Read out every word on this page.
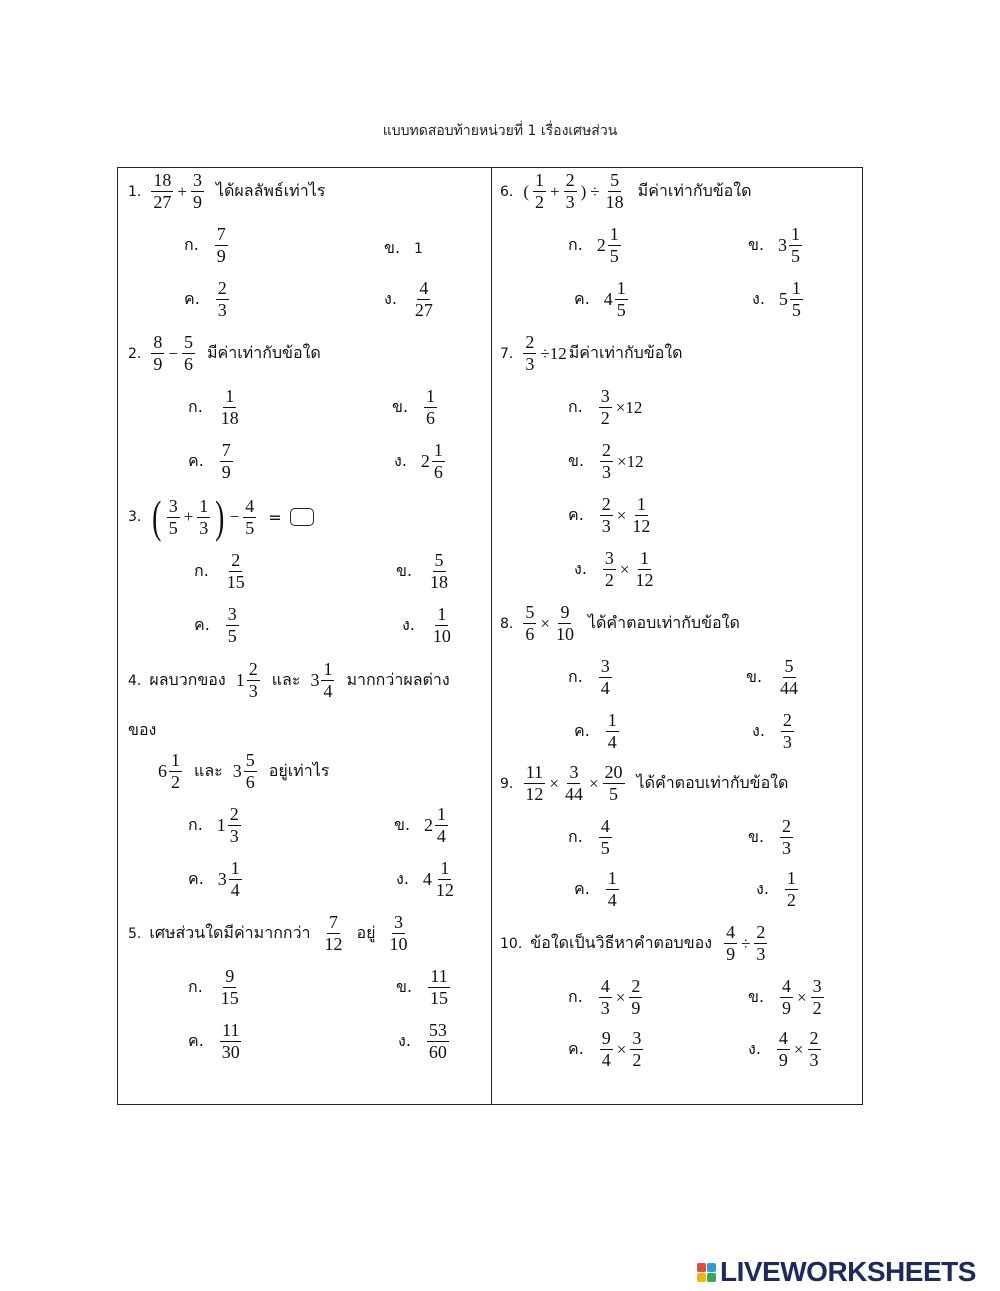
แบบทดสอบท้ายหน่วยที่ 1 เรื่องเศษส่วน
1.
18
27
+ $\frac{3}{9}$ ได้ผลลัพธ์เท่าไร
ก.
7
9	ข. 1
ค.
2
3
ง.
4
27
2.
8
9
− $\frac{5}{6}$ มีค่าเท่ากับข้อใด
ก.
1
18
ข.
1
6
ค.
7
9
ง. 2
1
6
3. ( 3
5
+ $\frac{1}{3}$ ) − $\frac{4}{5}$ =
ก.
2
15
ข.
5
18
ค.
3
5
ง.
1
10
4. ผลบวกของ 1
2
3
และ 3
1
4
มากกว่าผลต่าง
ของ
6
1
2
และ 3
5
6
อยู่เท่าไร
ก. 1
2
3
ข. 2
1
4
ค. 3
1
4
ง. 4
1
12
5. เศษส่วนใดมีค่ามากกว่า
7
12
อยู่
3
10
ก.
9
15
ข.
11
15
ค.
11
30
ง.
53
60
6. (
1
2
+ $\frac{2}{3}$ ) ÷ $\frac{5}{18}$ มีค่าเท่ากับข้อใด
ก. 2
1
5
ข. 3
1
5
ค. 4
1
5
ง. 5
1
5
7. $\frac{2}{3} \div 12$ มีค่าเท่ากับข้อใด
ก. $\frac{3}{2} \times 12$
ข. $\frac{2}{3} \times 12$
ค. $\frac{2}{3} \times \frac{1}{12}$
ง. $\frac{3}{2} \times \frac{1}{12}$
8. $\frac{5}{6} \times \frac{9}{10}$ ได้คำตอบเท่ากับข้อใด
ก.
3
4
ข.
5
44
ค.
1
4
ง.
2
3
9. $\frac{11}{12} \times \frac{3}{44} \times \frac{20}{5}$ ได้คำตอบเท่ากับข้อใด
ก.
4
5
ข.
2
3
ค.
1
4
ง.
1
2
10. ข้อใดเป็นวิธีหาคำตอบของ $\frac{4}{9} \div \frac{2}{3}$
ก. $\frac{4}{3} \times \frac{2}{9}$	ข. $\frac{4}{9} \times \frac{3}{2}$
ค. $\frac{9}{4} \times \frac{3}{2}$	ง. $\frac{4}{9} \times \frac{2}{3}$
LIVEWORKSHEETS
